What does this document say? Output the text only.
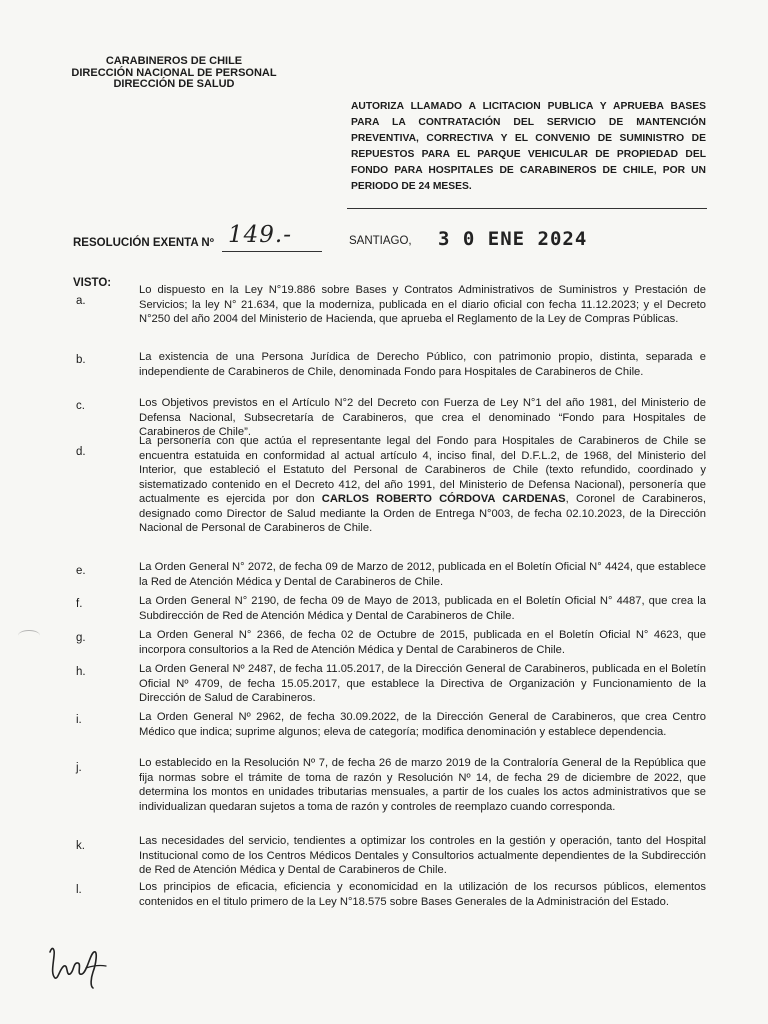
CARABINEROS DE CHILE
DIRECCIÓN NACIONAL DE PERSONAL
DIRECCIÓN DE SALUD
AUTORIZA LLAMADO A LICITACION PUBLICA Y APRUEBA BASES PARA LA CONTRATACIÓN DEL SERVICIO DE MANTENCIÓN PREVENTIVA, CORRECTIVA Y EL CONVENIO DE SUMINISTRO DE REPUESTOS PARA EL PARQUE VEHICULAR DE PROPIEDAD DEL FONDO PARA HOSPITALES DE CARABINEROS DE CHILE, POR UN PERIODO DE 24 MESES.
RESOLUCIÓN EXENTA Nº 149.-	SANTIAGO, 3 0 ENE 2024
VISTO:
a.
Lo dispuesto en la Ley N°19.886 sobre Bases y Contratos Administrativos de Suministros y Prestación de Servicios; la ley N° 21.634, que la moderniza, publicada en el diario oficial con fecha 11.12.2023; y el Decreto N°250 del año 2004 del Ministerio de Hacienda, que aprueba el Reglamento de la Ley de Compras Públicas.
b.	La existencia de una Persona Jurídica de Derecho Público, con patrimonio propio, distinta, separada e independiente de Carabineros de Chile, denominada Fondo para Hospitales de Carabineros de Chile.
c.	Los Objetivos previstos en el Artículo N°2 del Decreto con Fuerza de Ley N°1 del año 1981, del Ministerio de Defensa Nacional, Subsecretaría de Carabineros, que crea el denominado “Fondo para Hospitales de Carabineros de Chile”.
d.
La personería con que actúa el representante legal del Fondo para Hospitales de Carabineros de Chile se encuentra estatuida en conformidad al actual artículo 4, inciso final, del D.F.L.2, de 1968, del Ministerio del Interior, que estableció el Estatuto del Personal de Carabineros de Chile (texto refundido, coordinado y sistematizado contenido en el Decreto 412, del año 1991, del Ministerio de Defensa Nacional), personería que actualmente es ejercida por don CARLOS ROBERTO CÓRDOVA CARDENAS, Coronel de Carabineros, designado como Director de Salud mediante la Orden de Entrega N°003, de fecha 02.10.2023, de la Dirección Nacional de Personal de Carabineros de Chile.
e.	La Orden General N° 2072, de fecha 09 de Marzo de 2012, publicada en el Boletín Oficial N° 4424, que establece la Red de Atención Médica y Dental de Carabineros de Chile.
f.	La Orden General N° 2190, de fecha 09 de Mayo de 2013, publicada en el Boletín Oficial N° 4487, que crea la Subdirección de Red de Atención Médica y Dental de Carabineros de Chile.
g.	La Orden General N° 2366, de fecha 02 de Octubre de 2015, publicada en el Boletín Oficial N° 4623, que incorpora consultorios a la Red de Atención Médica y Dental de Carabineros de Chile.
h.	La Orden General Nº 2487, de fecha 11.05.2017, de la Dirección General de Carabineros, publicada en el Boletín Oficial Nº 4709, de fecha 15.05.2017, que establece la Directiva de Organización y Funcionamiento de la Dirección de Salud de Carabineros.
i.	La Orden General Nº 2962, de fecha 30.09.2022, de la Dirección General de Carabineros, que crea Centro Médico que indica; suprime algunos; eleva de categoría; modifica denominación y establece dependencia.
j.	Lo establecido en la Resolución Nº 7, de fecha 26 de marzo 2019 de la Contraloría General de la República que fija normas sobre el trámite de toma de razón y Resolución Nº 14, de fecha 29 de diciembre de 2022, que determina los montos en unidades tributarias mensuales, a partir de los cuales los actos administrativos que se individualizan quedaran sujetos a toma de razón y controles de reemplazo cuando corresponda.
k.	Las necesidades del servicio, tendientes a optimizar los controles en la gestión y operación, tanto del Hospital Institucional como de los Centros Médicos Dentales y Consultorios actualmente dependientes de la Subdirección de Red de Atención Médica y Dental de Carabineros de Chile.
l.	Los principios de eficacia, eficiencia y economicidad en la utilización de los recursos públicos, elementos contenidos en el titulo primero de la Ley N°18.575 sobre Bases Generales de la Administración del Estado.
